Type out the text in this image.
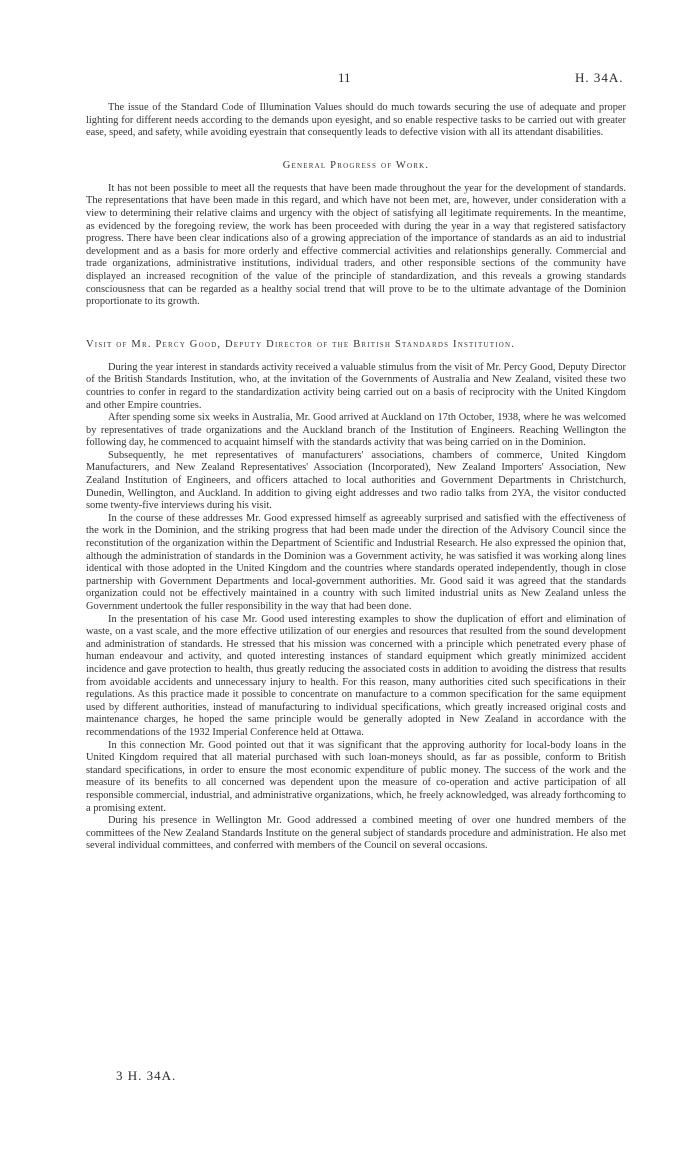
11	H. 34A.

The issue of the Standard Code of Illumination Values should do much towards securing the use of adequate and proper lighting for different needs according to the demands upon eyesight, and so enable respective tasks to be carried out with greater ease, speed, and safety, while avoiding eyestrain that consequently leads to defective vision with all its attendant disabilities.

General Progress of Work.

It has not been possible to meet all the requests that have been made throughout the year for the development of standards. The representations that have been made in this regard, and which have not been met, are, however, under consideration with a view to determining their relative claims and urgency with the object of satisfying all legitimate requirements. In the meantime, as evidenced by the foregoing review, the work has been proceeded with during the year in a way that registered satisfactory progress. There have been clear indications also of a growing appreciation of the importance of standards as an aid to industrial development and as a basis for more orderly and effective commercial activities and relationships generally. Commercial and trade organizations, administrative institutions, individual traders, and other responsible sections of the community have displayed an increased recognition of the value of the principle of standardization, and this reveals a growing standards consciousness that can be regarded as a healthy social trend that will prove to be to the ultimate advantage of the Dominion proportionate to its growth.

Visit of Mr. Percy Good, Deputy Director of the British Standards Institution.

During the year interest in standards activity received a valuable stimulus from the visit of Mr. Percy Good, Deputy Director of the British Standards Institution, who, at the invitation of the Governments of Australia and New Zealand, visited these two countries to confer in regard to the standardization activity being carried out on a basis of reciprocity with the United Kingdom and other Empire countries.

After spending some six weeks in Australia, Mr. Good arrived at Auckland on 17th October, 1938, where he was welcomed by representatives of trade organizations and the Auckland branch of the Institution of Engineers. Reaching Wellington the following day, he commenced to acquaint himself with the standards activity that was being carried on in the Dominion.

Subsequently, he met representatives of manufacturers' associations, chambers of commerce, United Kingdom Manufacturers, and New Zealand Representatives' Association (Incorporated), New Zealand Importers' Association, New Zealand Institution of Engineers, and officers attached to local authorities and Government Departments in Christchurch, Dunedin, Wellington, and Auckland. In addition to giving eight addresses and two radio talks from 2YA, the visitor conducted some twenty-five interviews during his visit.

In the course of these addresses Mr. Good expressed himself as agreeably surprised and satisfied with the effectiveness of the work in the Dominion, and the striking progress that had been made under the direction of the Advisory Council since the reconstitution of the organization within the Department of Scientific and Industrial Research. He also expressed the opinion that, although the administration of standards in the Dominion was a Government activity, he was satisfied it was working along lines identical with those adopted in the United Kingdom and the countries where standards operated independently, though in close partnership with Government Departments and local-government authorities. Mr. Good said it was agreed that the standards organization could not be effectively maintained in a country with such limited industrial units as New Zealand unless the Government undertook the fuller responsibility in the way that had been done.

In the presentation of his case Mr. Good used interesting examples to show the duplication of effort and elimination of waste, on a vast scale, and the more effective utilization of our energies and resources that resulted from the sound development and administration of standards. He stressed that his mission was concerned with a principle which penetrated every phase of human endeavour and activity, and quoted interesting instances of standard equipment which greatly minimized accident incidence and gave protection to health, thus greatly reducing the associated costs in addition to avoiding the distress that results from avoidable accidents and unnecessary injury to health. For this reason, many authorities cited such specifications in their regulations. As this practice made it possible to concentrate on manufacture to a common specification for the same equipment used by different authorities, instead of manufacturing to individual specifications, which greatly increased original costs and maintenance charges, he hoped the same principle would be generally adopted in New Zealand in accordance with the recommendations of the 1932 Imperial Conference held at Ottawa.

In this connection Mr. Good pointed out that it was significant that the approving authority for local-body loans in the United Kingdom required that all material purchased with such loan-moneys should, as far as possible, conform to British standard specifications, in order to ensure the most economic expenditure of public money. The success of the work and the measure of its benefits to all concerned was dependent upon the measure of co-operation and active participation of all responsible commercial, industrial, and administrative organizations, which, he freely acknowledged, was already forthcoming to a promising extent.

During his presence in Wellington Mr. Good addressed a combined meeting of over one hundred members of the committees of the New Zealand Standards Institute on the general subject of standards procedure and administration. He also met several individual committees, and conferred with members of the Council on several occasions.

3 H. 34A.
